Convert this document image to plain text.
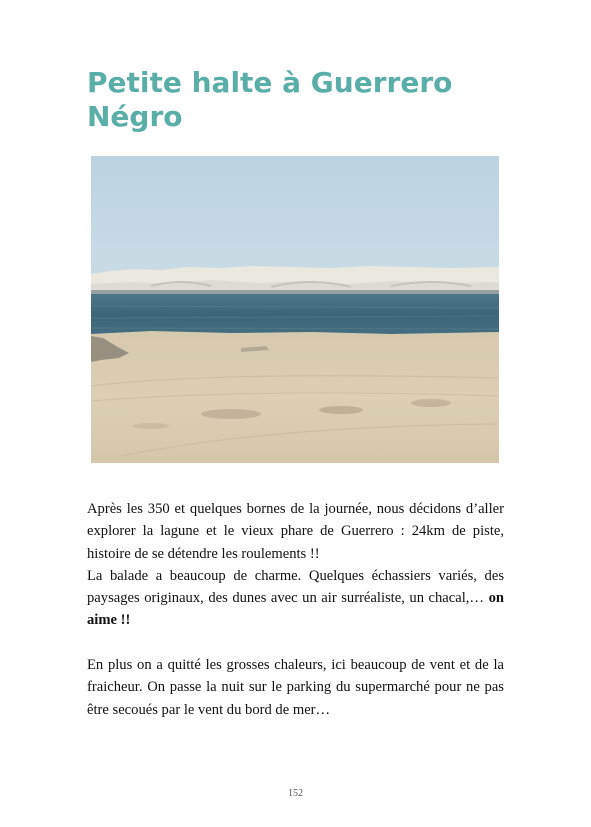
Petite halte à Guerrero Négro

Après les 350 et quelques bornes de la journée, nous décidons d’aller explorer la lagune et le vieux phare de Guerrero : 24km de piste, histoire de se détendre les roulements !!

La balade a beaucoup de charme. Quelques échassiers variés, des paysages originaux, des dunes avec un air surréaliste, un chacal,… on aime !!

En plus on a quitté les grosses chaleurs, ici beaucoup de vent et de la fraicheur. On passe la nuit sur le parking du supermarché pour ne pas être secoués par le vent du bord de mer…

152
